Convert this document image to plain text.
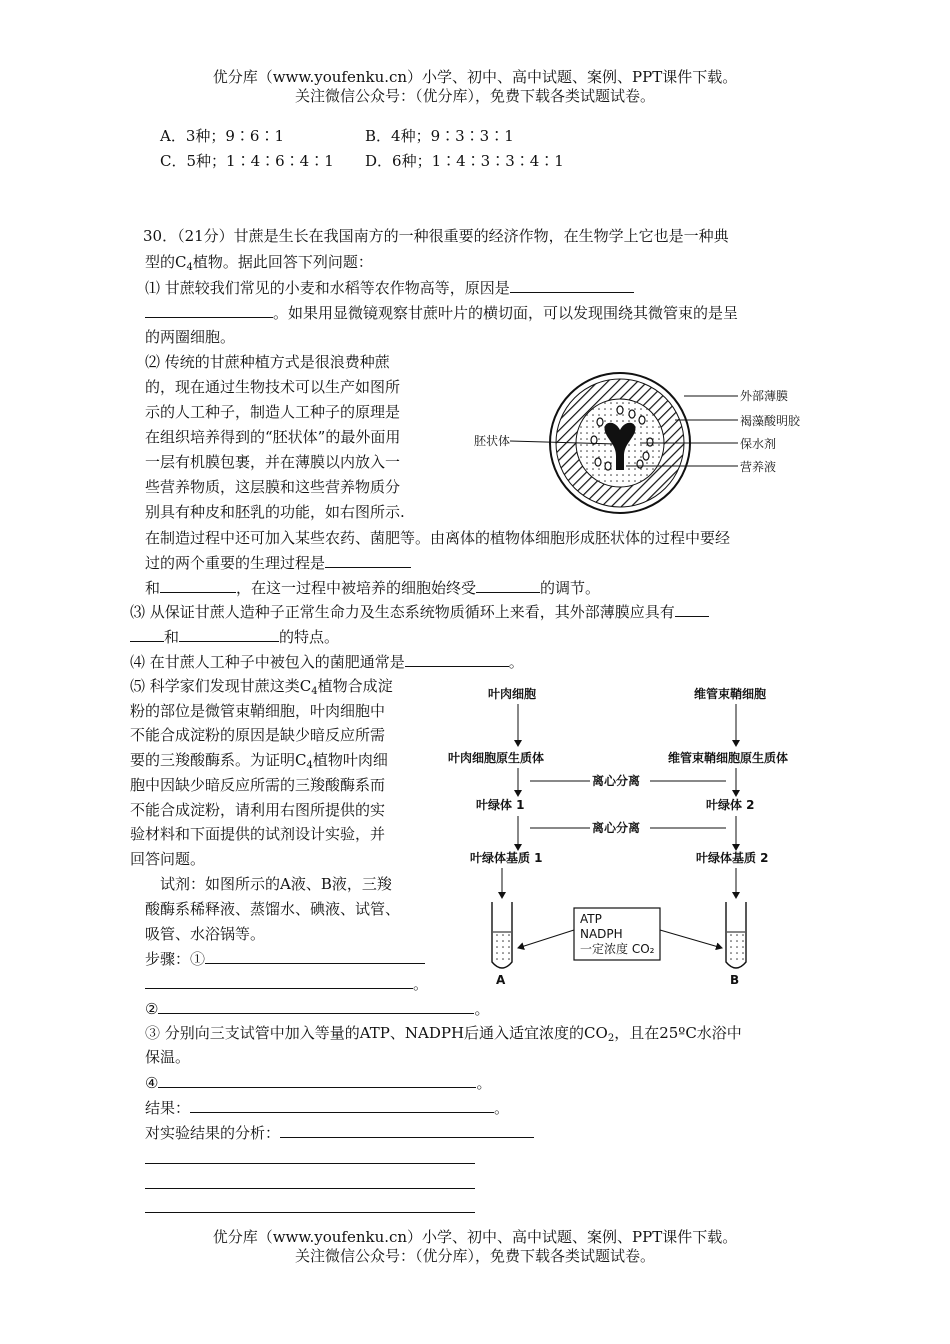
优分库（www.youfenku.cn）小学、初中、高中试题、案例、PPT课件下载。
关注微信公众号：（优分库），免费下载各类试题试卷。
A．3种；9∶6∶1	B．4种；9∶3∶3∶1
C．5种；1∶4∶6∶4∶1 D．6种；1∶4∶3∶3∶4∶1
30．（21分）甘蔗是生长在我国南方的一种很重要的经济作物，在生物学上它也是一种典
型的$C_4$植物。据此回答下列问题：
⑴ 甘蔗较我们常见的小麦和水稻等农作物高等，原因是
。如果用显微镜观察甘蔗叶片的横切面，可以发现围绕其微管束的是呈
的两圈细胞。
⑵ 传统的甘蔗种植方式是很浪费种蔗
的，现在通过生物技术可以生产如图所
示的人工种子，制造人工种子的原理是
在组织培养得到的“胚状体”的最外面用
一层有机膜包裹，并在薄膜以内放入一
些营养物质，这层膜和这些营养物质分
别具有种皮和胚乳的功能，如右图所示.
在制造过程中还可加入某些农药、菌肥等。由离体的植物体细胞形成胚状体的过程中要经
过的两个重要的生理过程是
和	，在这一过程中被培养的细胞始终受	的调节。
⑶ 从保证甘蔗人造种子正常生命力及生态系统物质循环上来看，其外部薄膜应具有
和	的特点。
⑷ 在甘蔗人工种子中被包入的菌肥通常是	。
⑸ 科学家们发现甘蔗这类$C_4$植物合成淀
粉的部位是微管束鞘细胞，叶肉细胞中
不能合成淀粉的原因是缺少暗反应所需
要的三羧酸酶系。为证明$C_4$植物叶肉细
胞中因缺少暗反应所需的三羧酸酶系而
不能合成淀粉，请利用右图所提供的实
验材料和下面提供的试剂设计实验，并
回答问题。
试剂：如图所示的A液、B液，三羧
酸酶系稀释液、蒸馏水、碘液、试管、
吸管、水浴锅等。
步骤：①
。
②	。
③ 分别向三支试管中加入等量的ATP、NADPH后通入适宜浓度的$CO_2$，且在25ºC水浴中
保温。
④	。
结果：	。
对实验结果的分析：
优分库（www.youfenku.cn）小学、初中、高中试题、案例、PPT课件下载。
关注微信公众号：（优分库），免费下载各类试题试卷。
外部薄膜
褐藻酸明胶
保水剂
营养液
胚状体
叶肉细胞	维管束鞘细胞
叶肉细胞原生质体	维管束鞘细胞原生质体
离心分离
叶绿体 1	叶绿体 2
离心分离
叶绿体基质 1	叶绿体基质 2
ATP
NADPH
一定浓度 CO₂
A	B
